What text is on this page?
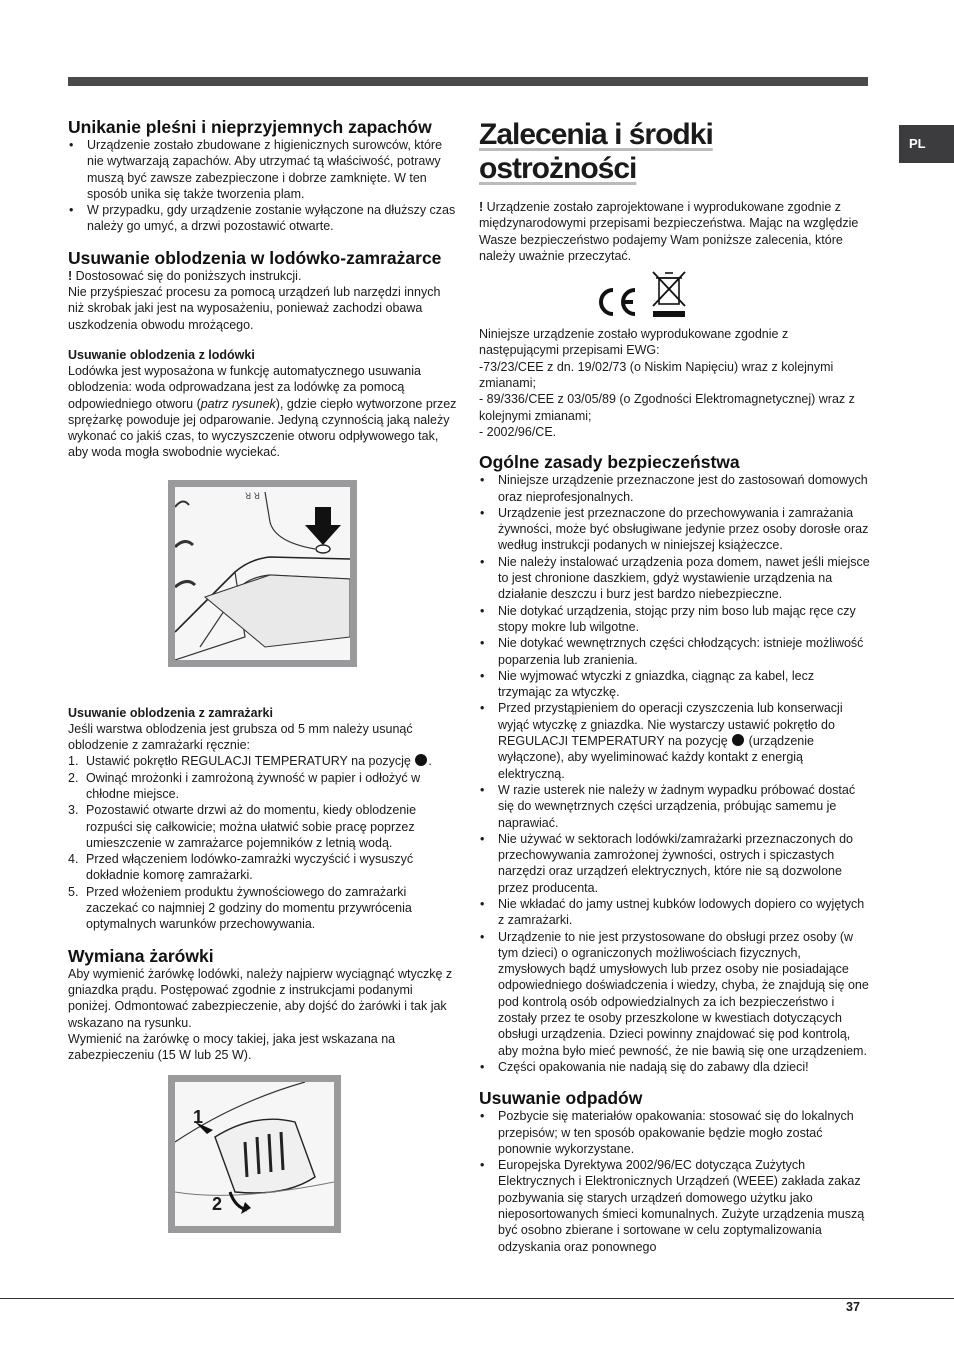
PL
Unikanie pleśni i nieprzyjemnych zapachów
• Urządzenie zostało zbudowane z higienicznych surowców, które nie wytwarzają zapachów. Aby utrzymać tą właściwość, potrawy muszą być zawsze zabezpieczone i dobrze zamknięte. W ten sposób unika się także tworzenia plam.
• W przypadku, gdy urządzenie zostanie wyłączone na dłuższy czas należy go umyć, a drzwi pozostawić otwarte.
Usuwanie oblodzenia w lodówko-zamrażarce

! Dostosować się do poniższych instrukcji.

Nie przyśpieszać procesu za pomocą urządzeń lub narzędzi innych niż skrobak jaki jest na wyposażeniu, ponieważ zachodzi obawa uszkodzenia obwodu mrożącego.

Usuwanie oblodzenia z lodówki

Lodówka jest wyposażona w funkcję automatycznego usuwania oblodzenia: woda odprowadzana jest za lodówkę za pomocą odpowiedniego otworu (patrz rysunek), gdzie ciepło wytworzone przez sprężarkę powoduje jej odparowanie. Jedyną czynnością jaką należy wykonać co jakiś czas, to wyczyszczenie otworu odpływowego tak, aby woda mogła swobodnie wyciekać.

ꓤ ꓤ
Usuwanie oblodzenia z zamrażarki

Jeśli warstwa oblodzenia jest grubsza od 5 mm należy usunąć oblodzenie z zamrażarki ręcznie:

1. Ustawić pokrętło REGULACJI TEMPERATURY na pozycję .
2. Owinąć mrożonki i zamrożoną żywność w papier i odłożyć w chłodne miejsce.
3. Pozostawić otwarte drzwi aż do momentu, kiedy oblodzenie rozpuści się całkowicie; można ułatwić sobie pracę poprzez umieszczenie w zamrażarce pojemników z letnią wodą.
4. Przed włączeniem lodówko-zamrażki wyczyścić i wysuszyć dokładnie komorę zamrażarki.
5. Przed włożeniem produktu żywnościowego do zamrażarki zaczekać co najmniej 2 godziny do momentu przywrócenia optymalnych warunków przechowywania.
Wymiana żarówki

Aby wymienić żarówkę lodówki, należy najpierw wyciągnąć wtyczkę z gniazdka prądu. Postępować zgodnie z instrukcjami podanymi poniżej. Odmontować zabezpieczenie, aby dojść do żarówki i tak jak wskazano na rysunku.

Wymienić na żarówkę o mocy takiej, jaka jest wskazana na zabezpieczeniu (15 W lub 25 W).

1
2
Zalecenia i środki ostrożności

! Urządzenie zostało zaprojektowane i wyprodukowane zgodnie z międzynarodowymi przepisami bezpieczeństwa. Mając na względzie Wasze bezpieczeństwo podajemy Wam poniższe zalecenia, które należy uważnie przeczytać.

Niniejsze urządzenie zostało wyprodukowane zgodnie z następującymi przepisami EWG:

-73/23/CEE z dn. 19/02/73 (o Niskim Napięciu) wraz z kolejnymi zmianami;

- 89/336/CEE z 03/05/89 (o Zgodności Elektromagnetycznej) wraz z kolejnymi zmianami;

- 2002/96/CE.

Ogólne zasady bezpieczeństwa
• Niniejsze urządzenie przeznaczone jest do zastosowań domowych oraz nieprofesjonalnych.
• Urządzenie jest przeznaczone do przechowywania i zamrażania żywności, może być obsługiwane jedynie przez osoby dorosłe oraz według instrukcji podanych w niniejszej książeczce.
• Nie należy instalować urządzenia poza domem, nawet jeśli miejsce to jest chronione daszkiem, gdyż wystawienie urządzenia na działanie deszczu i burz jest bardzo niebezpieczne.
• Nie dotykać urządzenia, stojąc przy nim boso lub mając ręce czy stopy mokre lub wilgotne.
• Nie dotykać wewnętrznych części chłodzących: istnieje możliwość poparzenia lub zranienia.
• Nie wyjmować wtyczki z gniazdka, ciągnąc za kabel, lecz trzymając za wtyczkę.
• Przed przystąpieniem do operacji czyszczenia lub konserwacji wyjąć wtyczkę z gniazdka. Nie wystarczy ustawić pokrętło do REGULACJI TEMPERATURY na pozycję  (urządzenie wyłączone), aby wyeliminować każdy kontakt z energią elektryczną.
• W razie usterek nie należy w żadnym wypadku próbować dostać się do wewnętrznych części urządzenia, próbując samemu je naprawiać.
• Nie używać w sektorach lodówki/zamrażarki przeznaczonych do przechowywania zamrożonej żywności, ostrych i spiczastych narzędzi oraz urządzeń elektrycznych, które nie są dozwolone przez producenta.
• Nie wkładać do jamy ustnej kubków lodowych dopiero co wyjętych z zamrażarki.
• Urządzenie to nie jest przystosowane do obsługi przez osoby (w tym dzieci) o ograniczonych możliwościach fizycznych, zmysłowych bądź umysłowych lub przez osoby nie posiadające odpowiedniego doświadczenia i wiedzy, chyba, że znajdują się one pod kontrolą osób odpowiedzialnych za ich bezpieczeństwo i zostały przez te osoby przeszkolone w kwestiach dotyczących obsługi urządzenia. Dzieci powinny znajdować się pod kontrolą, aby można było mieć pewność, że nie bawią się one urządzeniem.
• Części opakowania nie nadają się do zabawy dla dzieci!
Usuwanie odpadów
• Pozbycie się materiałów opakowania: stosować się do lokalnych przepisów; w ten sposób opakowanie będzie mogło zostać ponownie wykorzystane.
• Europejska Dyrektywa 2002/96/EC dotycząca Zużytych Elektrycznych i Elektronicznych Urządzeń (WEEE) zakłada zakaz pozbywania się starych urządzeń domowego użytku jako nieposortowanych śmieci komunalnych. Zużyte urządzenia muszą być osobno zbierane i sortowane w celu zoptymalizowania odzyskania oraz ponownego
37
